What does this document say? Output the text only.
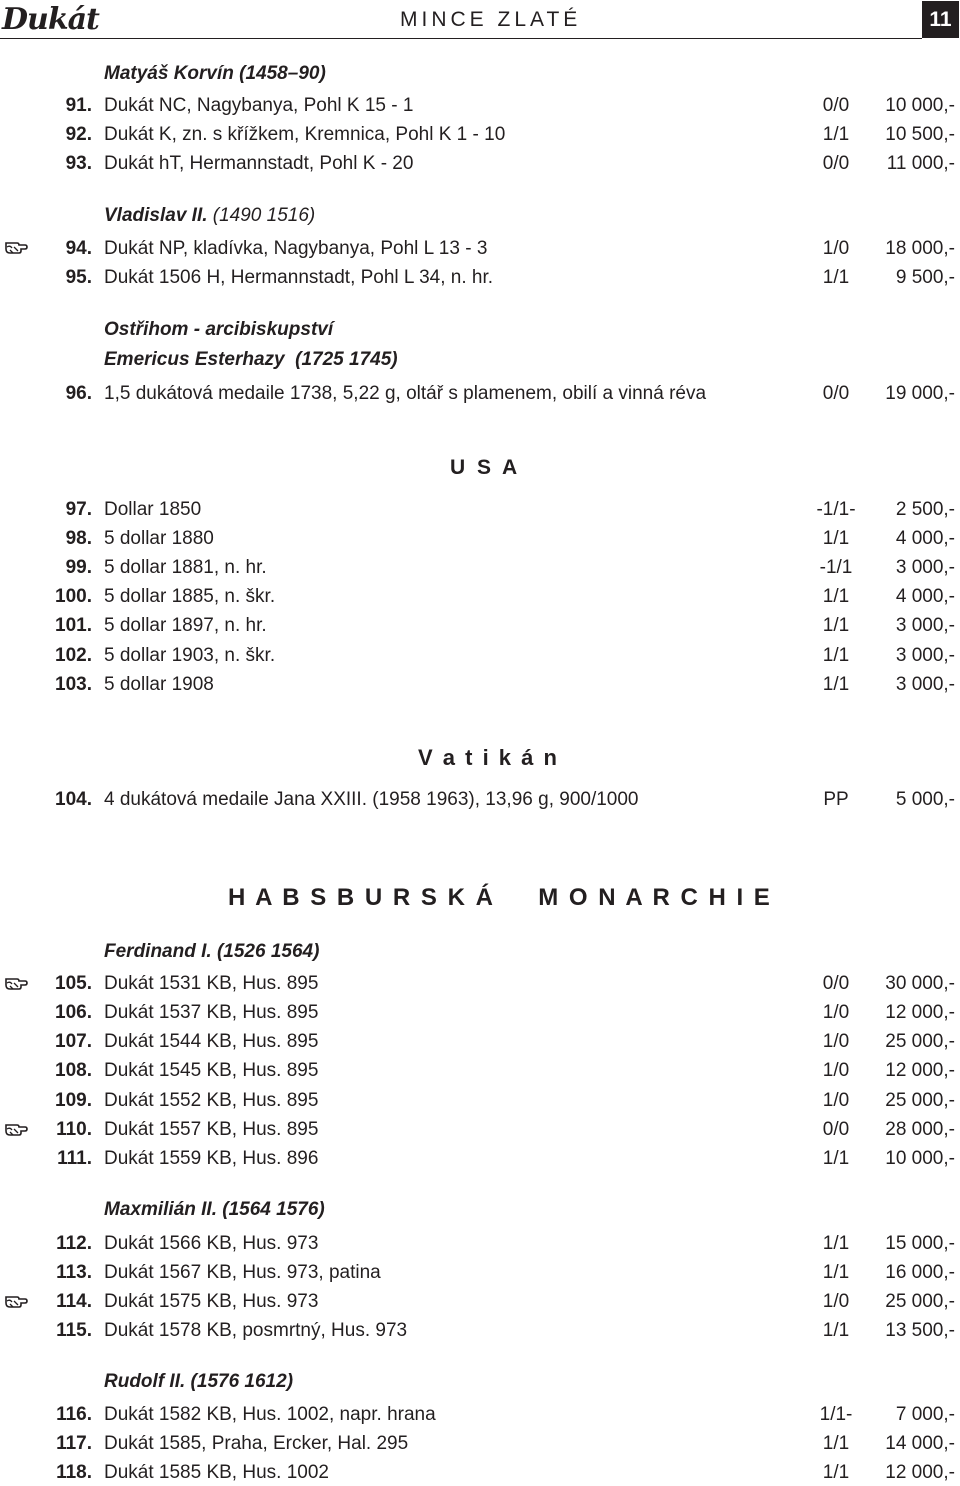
Dukát	MINCE ZLATÉ	11
Matyáš Korvín (1458–90)
Vladislav II. (1490 1516)
Ostřihom - arcibiskupství
Emericus Esterhazy (1725 1745)
Ferdinand I. (1526 1564)
Maxmilián II. (1564 1576)
Rudolf II. (1576 1612)
U S A
V a t i k á n
H A B S B U R S K Á     M O N A R C H I E
91. Dukát NC, Nagybanya, Pohl K 15 - 1	0/0	10 000,-
92. Dukát K, zn. s křížkem, Kremnica, Pohl K 1 - 10	1/1	10 500,-
93. Dukát hT, Hermannstadt, Pohl K - 20	0/0	11 000,-
94. Dukát NP, kladívka, Nagybanya, Pohl L 13 - 3	1/0	18 000,-
95. Dukát 1506 H, Hermannstadt, Pohl L 34, n. hr.	1/1	9 500,-
96. 1,5 dukátová medaile 1738, 5,22 g, oltář s plamenem, obilí a vinná réva	0/0	19 000,-
97. Dollar 1850	-1/1-	2 500,-
98. 5 dollar 1880	1/1	4 000,-
99. 5 dollar 1881, n. hr.	-1/1	3 000,-
100. 5 dollar 1885, n. škr.	1/1	4 000,-
101. 5 dollar 1897, n. hr.	1/1	3 000,-
102. 5 dollar 1903, n. škr.	1/1	3 000,-
103. 5 dollar 1908	1/1	3 000,-
104. 4 dukátová medaile Jana XXIII. (1958 1963), 13,96 g, 900/1000	PP	5 000,-
105. Dukát 1531 KB, Hus. 895	0/0	30 000,-
106. Dukát 1537 KB, Hus. 895	1/0	12 000,-
107. Dukát 1544 KB, Hus. 895	1/0	25 000,-
108. Dukát 1545 KB, Hus. 895	1/0	12 000,-
109. Dukát 1552 KB, Hus. 895	1/0	25 000,-
110. Dukát 1557 KB, Hus. 895	0/0	28 000,-
111. Dukát 1559 KB, Hus. 896	1/1	10 000,-
112. Dukát 1566 KB, Hus. 973	1/1	15 000,-
113. Dukát 1567 KB, Hus. 973, patina	1/1	16 000,-
114. Dukát 1575 KB, Hus. 973	1/0	25 000,-
115. Dukát 1578 KB, posmrtný, Hus. 973	1/1	13 500,-
116. Dukát 1582 KB, Hus. 1002, napr. hrana	1/1-	7 000,-
117. Dukát 1585, Praha, Ercker, Hal. 295	1/1	14 000,-
118. Dukát 1585 KB, Hus. 1002	1/1	12 000,-
